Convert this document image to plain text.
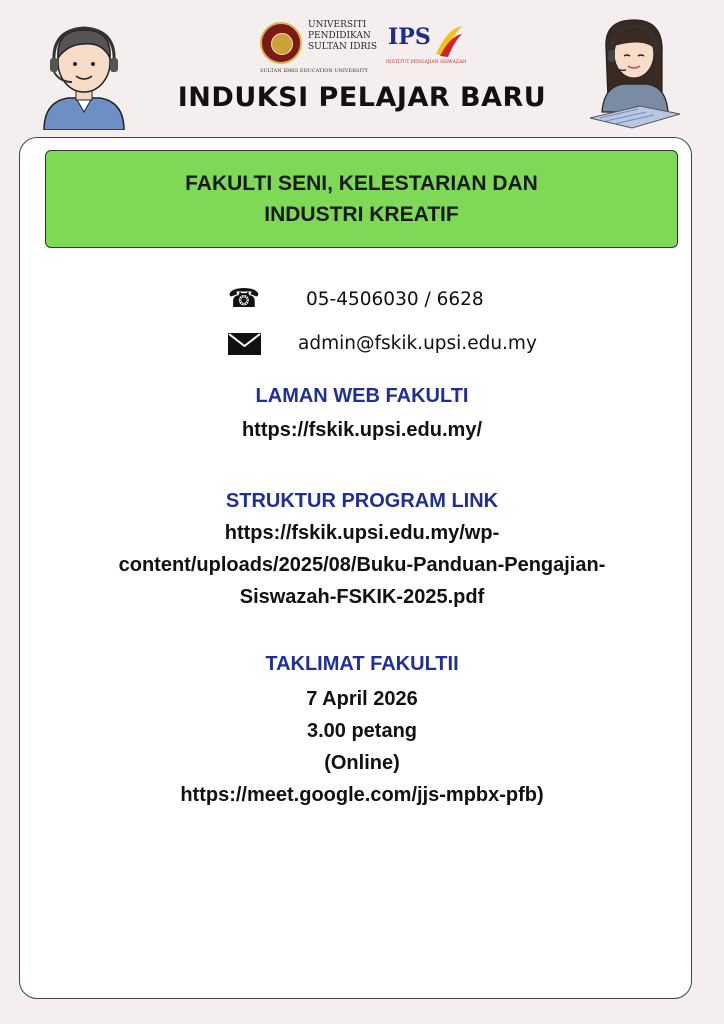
UNIVERSITI
PENDIDIKAN
SULTAN IDRIS
SULTAN IDRIS EDUCATION UNIVERSITY
IPS
INSTITUT PENGAJIAN SISWAZAH
INDUKSI PELAJAR BARU
FAKULTI SENI, KELESTARIAN DAN
INDUSTRI KREATIF
☎ 05-4506030 / 6628
admin@fskik.upsi.edu.my
LAMAN WEB FAKULTI
https://fskik.upsi.edu.my/
STRUKTUR PROGRAM LINK
https://fskik.upsi.edu.my/wp-
content/uploads/2025/08/Buku-Panduan-Pengajian-
Siswazah-FSKIK-2025.pdf
TAKLIMAT FAKULTII
7 April 2026
3.00 petang
(Online)
https://meet.google.com/jjs-mpbx-pfb)
